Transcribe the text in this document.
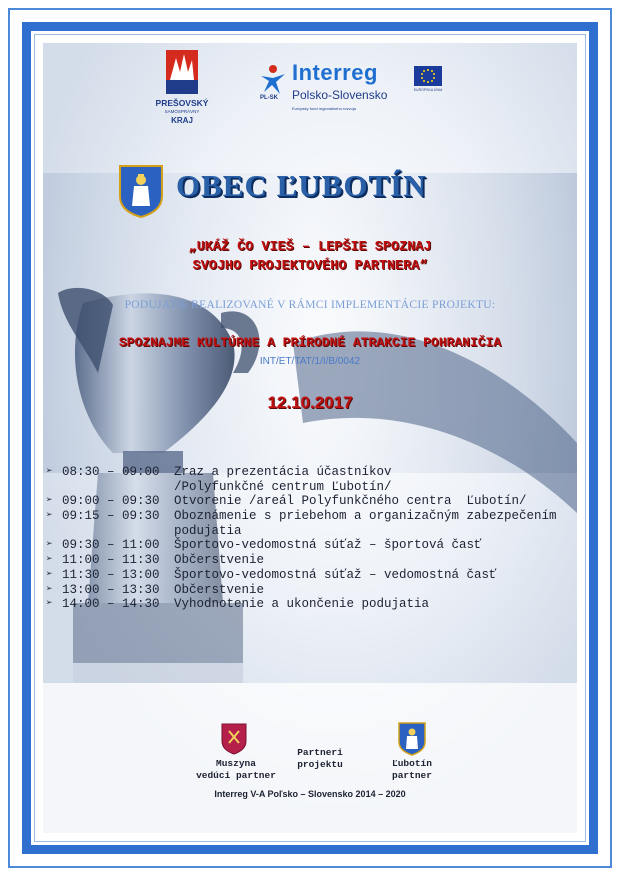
PREŠOVSKÝ
SAMOSPRÁVNY
KRAJ
PL-SK
Interreg
Polsko-Slovensko
Európsky fond regionálneho rozvoja
EURÓPSKA ÚNIA
OBEC ĽUBOTÍN
„UKÁŽ ČO VIEŠ – LEPŠIE SPOZNAJ
SVOJHO PROJEKTOVÉHO PARTNERA“
PODUJATIE REALIZOVANÉ V RÁMCI IMPLEMENTÁCIE PROJEKTU:
SPOZNAJME KULTÚRNE A PRÍRODNÉ ATRAKCIE POHRANIČIA
INT/ET/TAT/1/I/B/0042
12.10.2017
➢ 08:30 – 09:00	Zraz a prezentácia účastníkov
/Polyfunkčné centrum Ľubotín/
➢ 09:00 – 09:30	Otvorenie /areál Polyfunkčného centra  Ľubotín/
➢ 09:15 – 09:30	Oboznámenie s priebehom a organizačným zabezpečením
podujatia
➢ 09:30 – 11:00	Športovo-vedomostná súťaž – športová časť
➢ 11:00 – 11:30	Občerstvenie
➢ 11:30 – 13:00	Športovo-vedomostná súťaž – vedomostná časť
➢ 13:00 – 13:30	Občerstvenie
➢ 14:00 – 14:30	Vyhodnotenie a ukončenie podujatia
Muszyna
vedúci partner
Partneri
projektu	Ľubotín
partner
Interreg V-A Poľsko – Slovensko 2014 – 2020
